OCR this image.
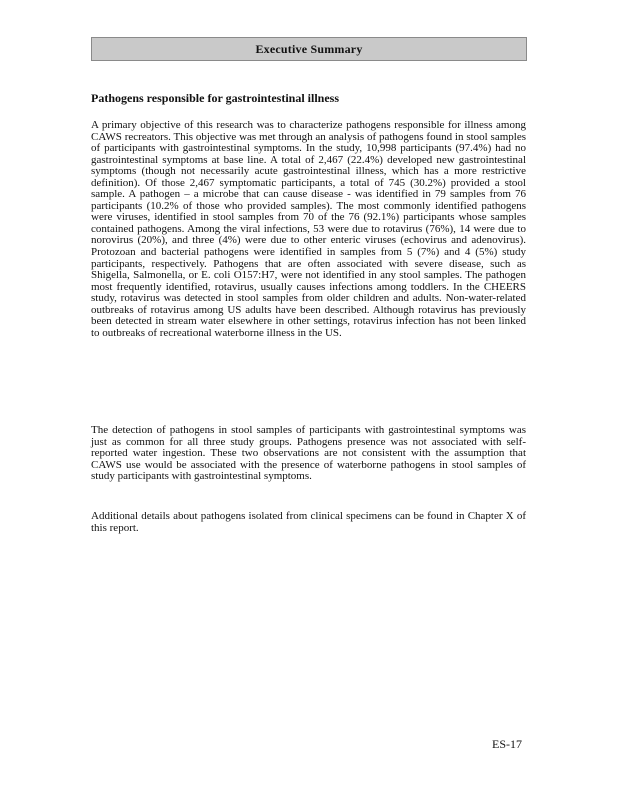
Executive Summary
Pathogens responsible for gastrointestinal illness

A primary objective of this research was to characterize pathogens responsible for illness among CAWS recreators. This objective was met through an analysis of pathogens found in stool samples of participants with gastrointestinal symptoms. In the study, 10,998 participants (97.4%) had no gastrointestinal symptoms at base line. A total of 2,467 (22.4%) developed new gastrointestinal symptoms (though not necessarily acute gastrointestinal illness, which has a more restrictive definition). Of those 2,467 symptomatic participants, a total of 745 (30.2%) provided a stool sample. A pathogen – a microbe that can cause disease - was identified in 79 samples from 76 participants (10.2% of those who provided samples). The most commonly identified pathogens were viruses, identified in stool samples from 70 of the 76 (92.1%) participants whose samples contained pathogens. Among the viral infections, 53 were due to rotavirus (76%), 14 were due to norovirus (20%), and three (4%) were due to other enteric viruses (echovirus and adenovirus). Protozoan and bacterial pathogens were identified in samples from 5 (7%) and 4 (5%) study participants, respectively. Pathogens that are often associated with severe disease, such as Shigella, Salmonella, or E. coli O157:H7, were not identified in any stool samples. The pathogen most frequently identified, rotavirus, usually causes infections among toddlers. In the CHEERS study, rotavirus was detected in stool samples from older children and adults. Non-water-related outbreaks of rotavirus among US adults have been described. Although rotavirus has previously been detected in stream water elsewhere in other settings, rotavirus infection has not been linked to outbreaks of recreational waterborne illness in the US.

The detection of pathogens in stool samples of participants with gastrointestinal symptoms was just as common for all three study groups. Pathogens presence was not associated with self-reported water ingestion. These two observations are not consistent with the assumption that CAWS use would be associated with the presence of waterborne pathogens in stool samples of study participants with gastrointestinal symptoms.

Additional details about pathogens isolated from clinical specimens can be found in Chapter X of this report.

ES-17
